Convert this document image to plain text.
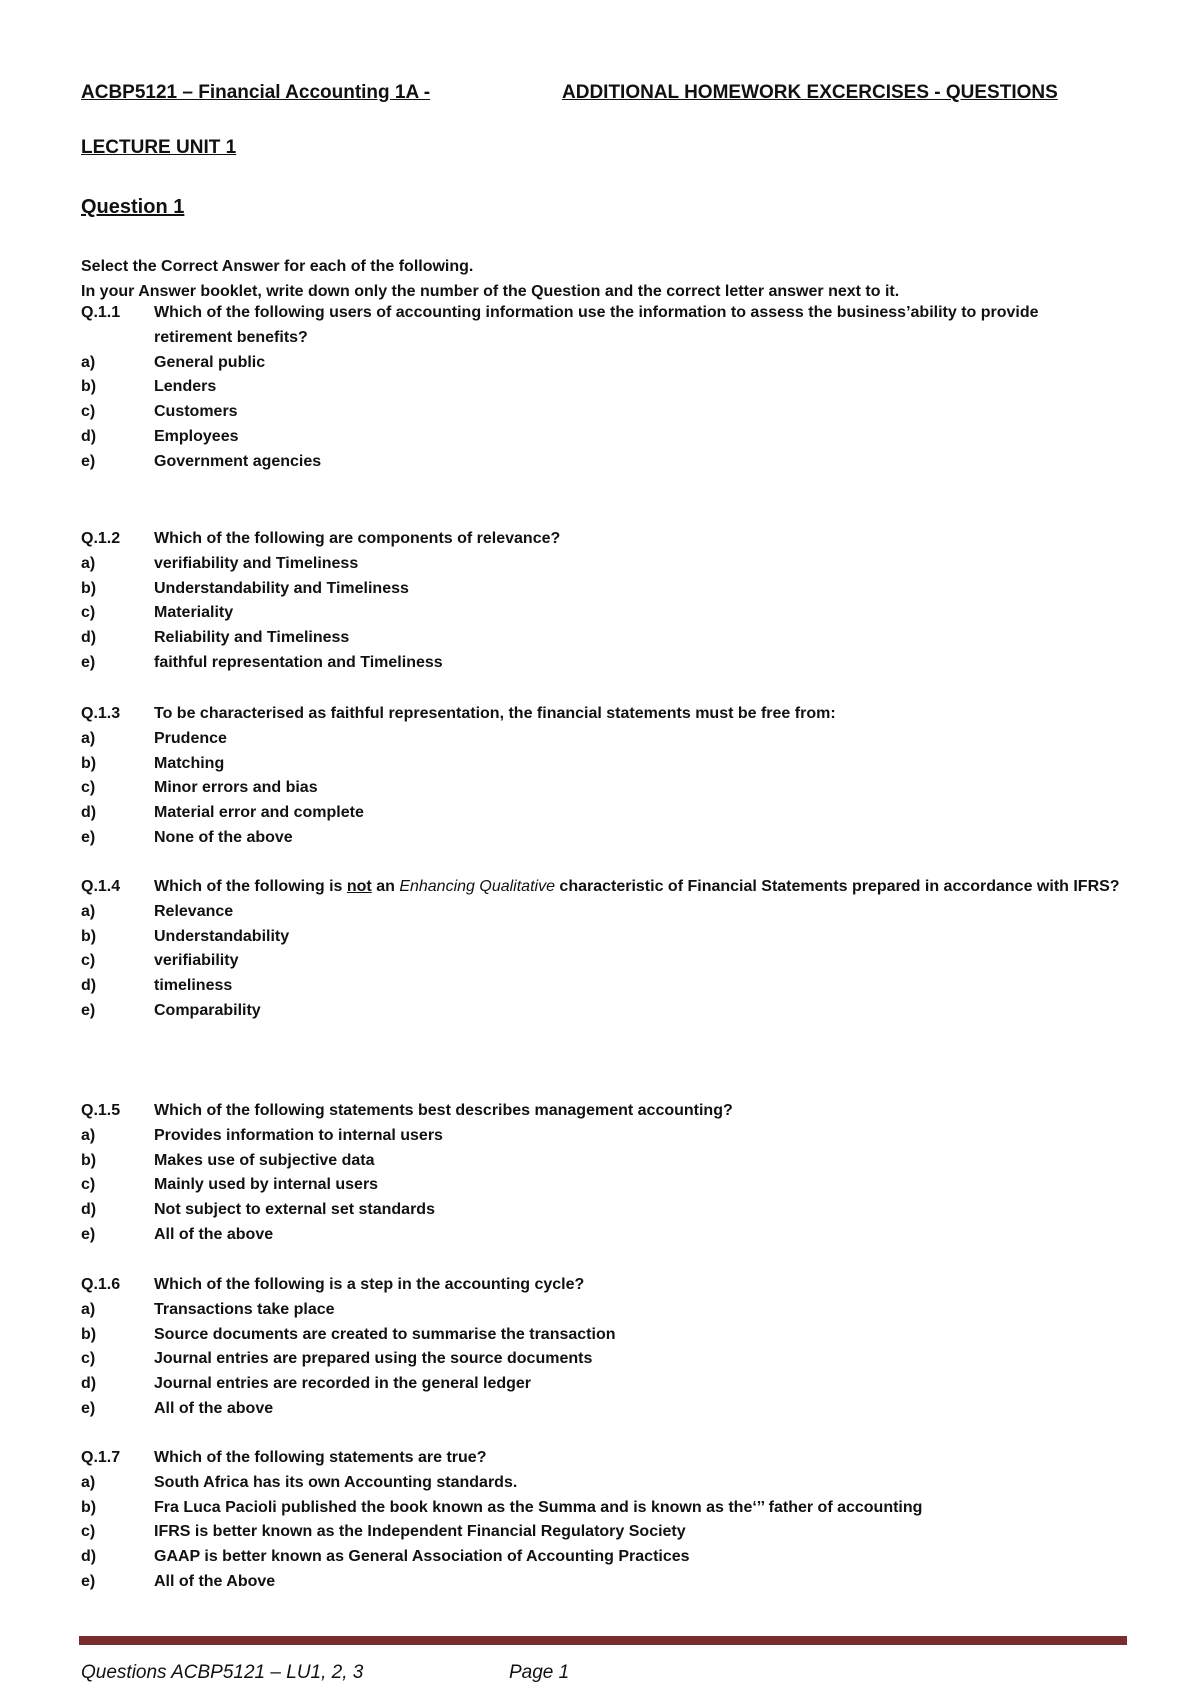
ACBP5121 – Financial Accounting 1A -	ADDITIONAL HOMEWORK EXCERCISES - QUESTIONS
LECTURE UNIT 1
Question 1
Select the Correct Answer for each of the following.
In your Answer booklet, write down only the number of the Question and the correct letter answer next to it.
Q.1.1	Which of the following users of accounting information use the information to assess the business’ability to provide retirement benefits?
a)	General public
b)	Lenders
c)	Customers
d)	Employees
e)	Government agencies
Q.1.2	Which of the following are components of relevance?
a)	verifiability and Timeliness
b)	Understandability and Timeliness
c)	Materiality
d)	Reliability and Timeliness
e)	faithful representation and Timeliness
Q.1.3	To be characterised as faithful representation, the financial statements must be free from:
a)	Prudence
b)	Matching
c)	Minor errors and bias
d)	Material error and complete
e)	None of the above
Q.1.4	Which of the following is not an Enhancing Qualitative characteristic of Financial Statements prepared in accordance with IFRS?
a)	Relevance
b)	Understandability
c)	verifiability
d)	timeliness
e)	Comparability
Q.1.5	Which of the following statements best describes management accounting?
a)	Provides information to internal users
b)	Makes use of subjective data
c)	Mainly used by internal users
d)	Not subject to external set standards
e)	All of the above
Q.1.6	Which of the following is a step in the accounting cycle?
a)	Transactions take place
b)	Source documents are created to summarise the transaction
c)	Journal entries are prepared using the source documents
d)	Journal entries are recorded in the general ledger
e)	All of the above
Q.1.7	Which of the following statements are true?
a)	South Africa has its own Accounting standards.
b)	Fra Luca Pacioli published the book known as the Summa and is known as the‘’’ father of accounting
c)	IFRS is better known as the Independent Financial Regulatory Society
d)	GAAP is better known as General Association of Accounting Practices
e)	All of the Above
Questions ACBP5121 – LU1, 2, 3	Page 1
